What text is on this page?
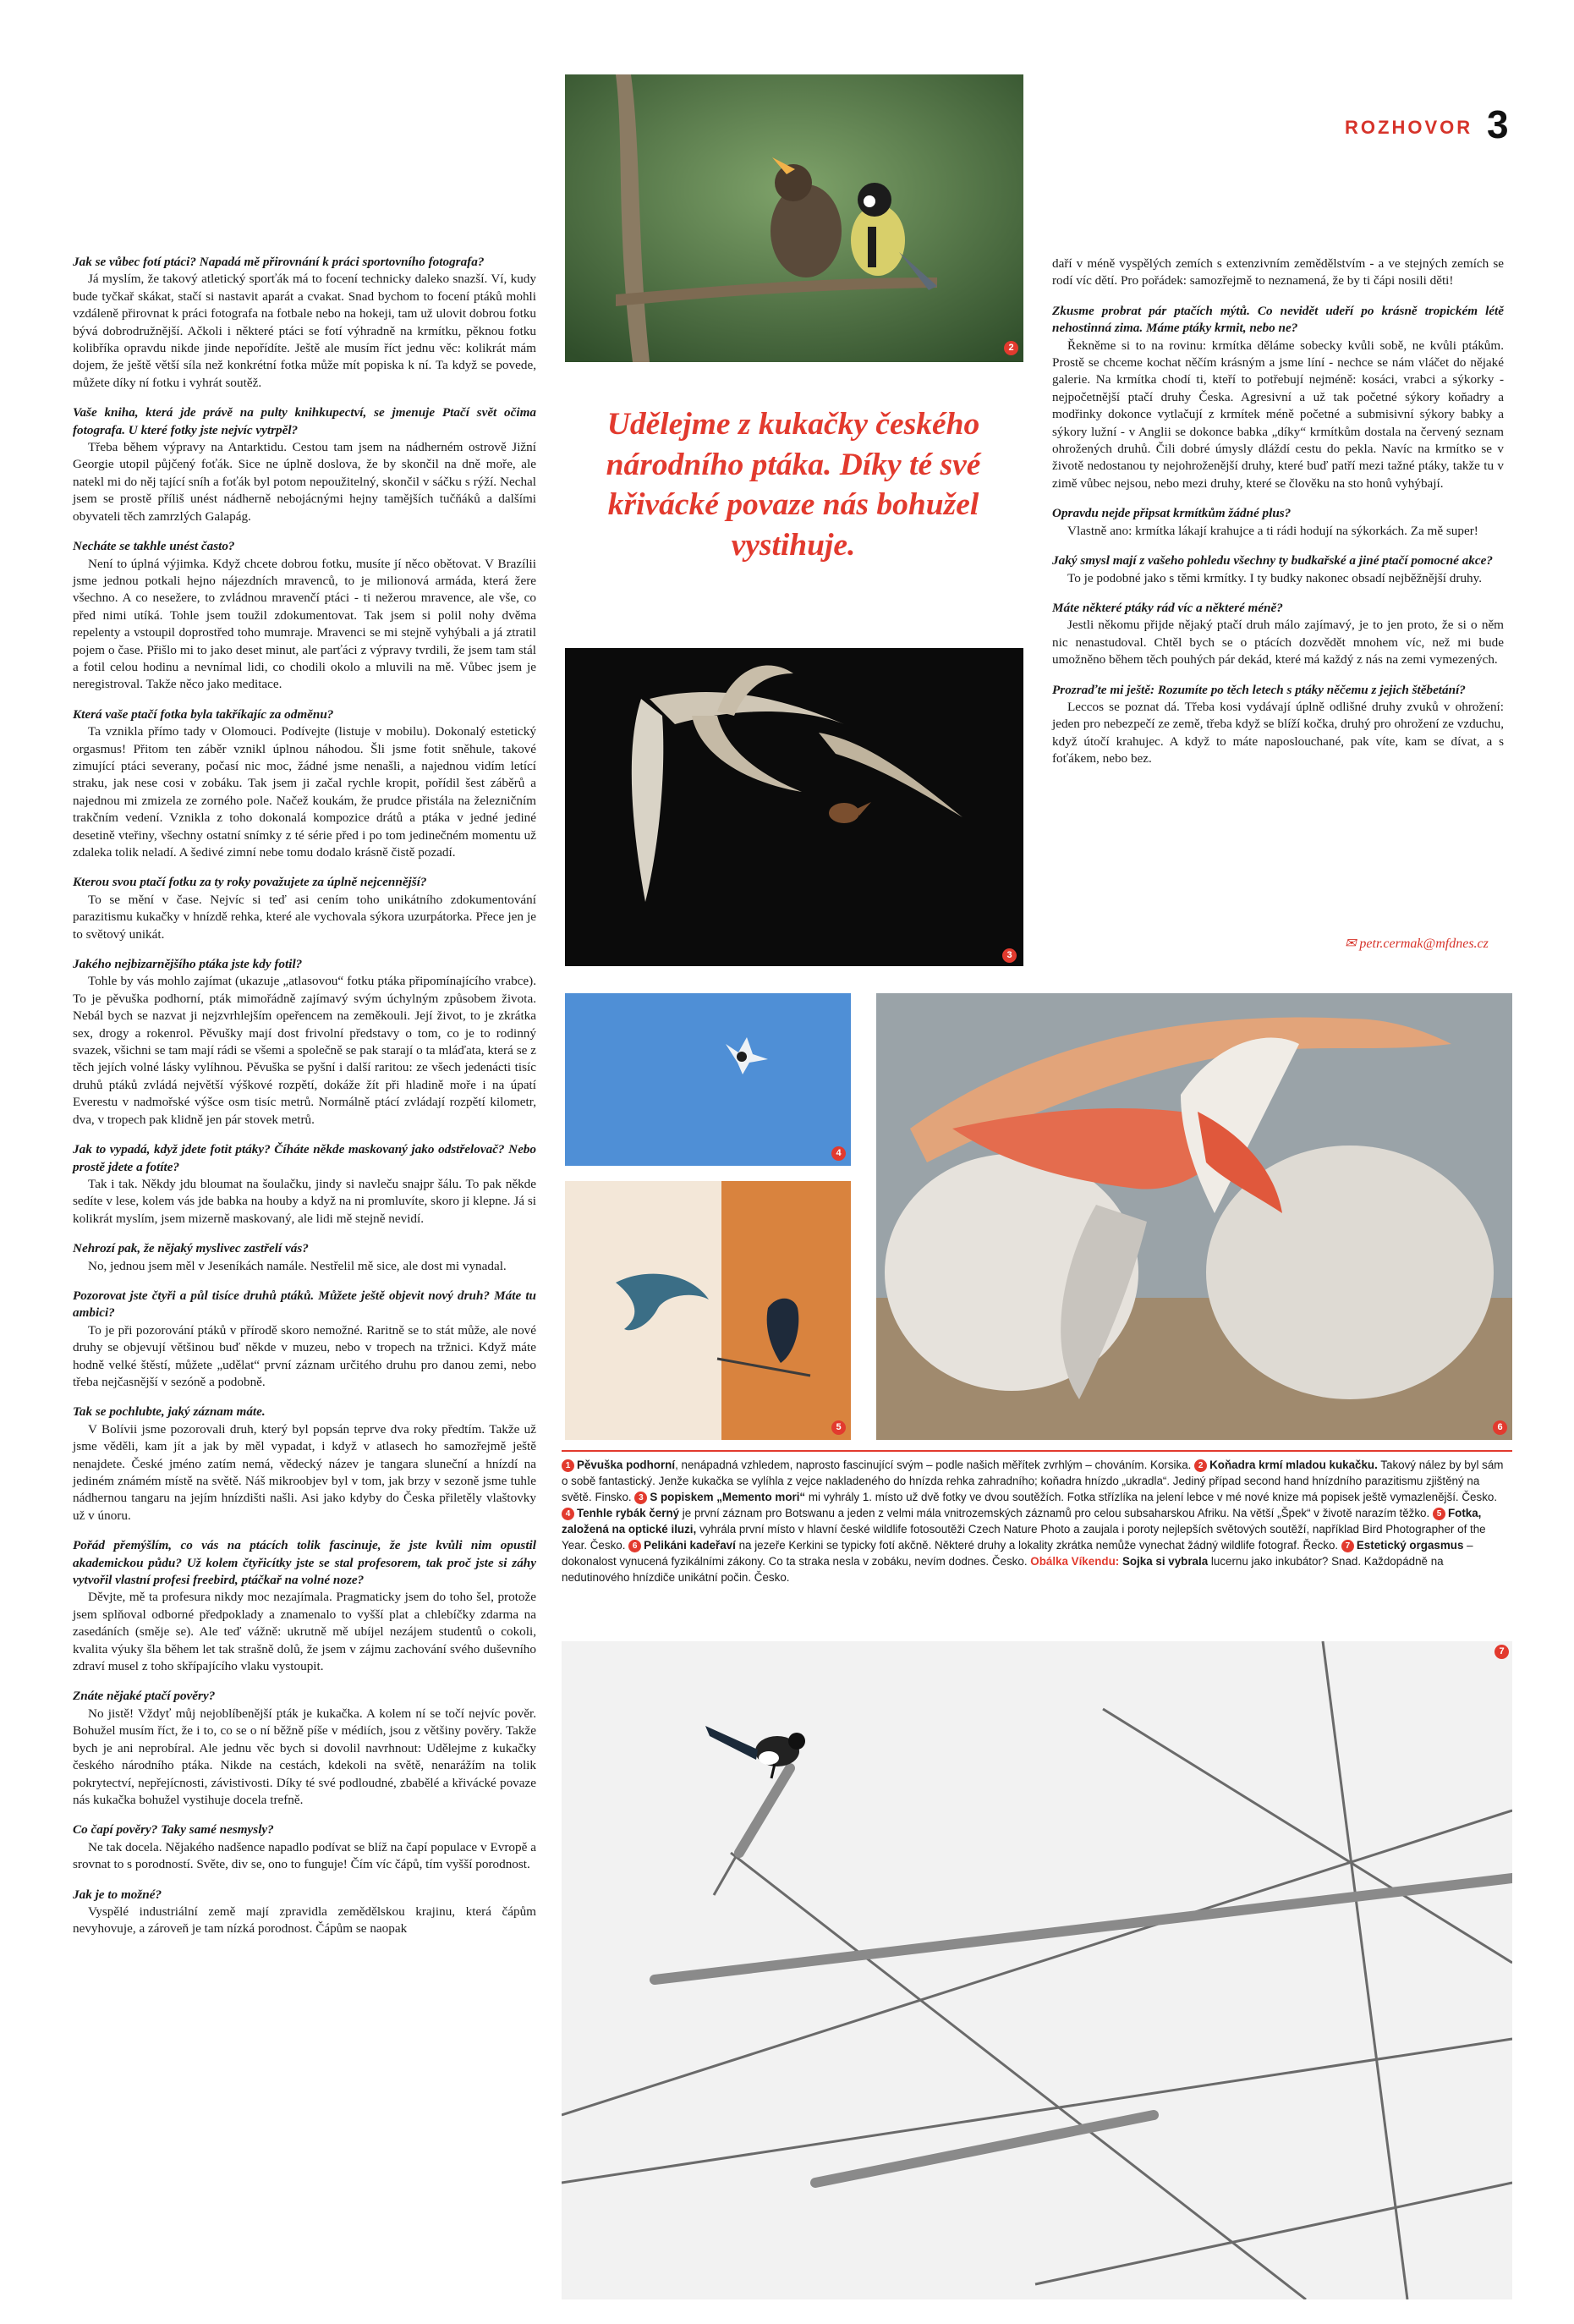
ROZHOVOR 3
2
Udělejme z kukačky českého národního ptáka. Díky té své křivácké povaze nás bohužel vystihuje.
3
4
5	6

daří v méně vyspělých zemích s extenzivním zemědělstvím - a ve stejných zemích se rodí víc dětí. Pro pořádek: samozřejmě to neznamená, že by ti čápi nosili děti!

Zkusme probrat pár ptačích mýtů. Co nevidět udeří po krásně tropickém létě nehostinná zima. Máme ptáky krmit, nebo ne?

Řekněme si to na rovinu: krmítka děláme sobecky kvůli sobě, ne kvůli ptákům. Prostě se chceme kochat něčím krásným a jsme líní - nechce se nám vláčet do nějaké galerie. Na krmítka chodí ti, kteří to potřebují nejméně: kosáci, vrabci a sýkorky - nejpočetnější ptačí druhy Česka. Agresivní a už tak početné sýkory koňadry a modřinky dokonce vytlačují z krmítek méně početné a submisivní sýkory babky a sýkory lužní - v Anglii se dokonce babka „díky“ krmítkům dostala na červený seznam ohrožených druhů. Čili dobré úmysly dláždí cestu do pekla. Navíc na krmítko se v životě nedostanou ty nejohroženější druhy, které buď patří mezi tažné ptáky, takže tu v zimě vůbec nejsou, nebo mezi druhy, které se člověku na sto honů vyhýbají.

Opravdu nejde připsat krmítkům žádné plus?

Vlastně ano: krmítka lákají krahujce a ti rádi hodují na sýkorkách. Za mě super!

Jaký smysl mají z vašeho pohledu všechny ty budkařské a jiné ptačí pomocné akce?

To je podobné jako s těmi krmítky. I ty budky nakonec obsadí nejběžnější druhy.

Máte některé ptáky rád víc a některé méně?

Jestli někomu přijde nějaký ptačí druh málo zajímavý, je to jen proto, že si o něm nic nenastudoval. Chtěl bych se o ptácích dozvědět mnohem víc, než mi bude umožněno během těch pouhých pár dekád, které má každý z nás na zemi vymezených.

Prozraďte mi ještě: Rozumíte po těch letech s ptáky něčemu z jejich štěbetání?

Leccos se poznat dá. Třeba kosi vydávají úplně odlišné druhy zvuků v ohrožení: jeden pro nebezpečí ze země, třeba když se blíží kočka, druhý pro ohrožení ze vzduchu, když útočí krahujec. A když to máte naposlouchané, pak víte, kam se dívat, a s foťákem, nebo bez.

✉ petr.cermak@mfdnes.cz

Jak se vůbec fotí ptáci? Napadá mě přirovnání k práci sportovního fotografa?

Já myslím, že takový atletický sporťák má to focení technicky daleko snazší. Ví, kudy bude tyčkař skákat, stačí si nastavit aparát a cvakat. Snad bychom to focení ptáků mohli vzdáleně přirovnat k práci fotografa na fotbale nebo na hokeji, tam už ulovit dobrou fotku bývá dobrodružnější. Ačkoli i některé ptáci se fotí výhradně na krmítku, pěknou fotku kolibříka opravdu nikde jinde nepořídíte. Ještě ale musím říct jednu věc: kolikrát mám dojem, že ještě větší síla než konkrétní fotka může mít popiska k ní. Ta když se povede, můžete díky ní fotku i vyhrát soutěž.

Vaše kniha, která jde právě na pulty knihkupectví, se jmenuje Ptačí svět očima fotografa. U které fotky jste nejvíc vytrpěl?

Třeba během výpravy na Antarktidu. Cestou tam jsem na nádherném ostrově Jižní Georgie utopil půjčený foťák. Sice ne úplně doslova, že by skončil na dně moře, ale natekl mi do něj tající sníh a foťák byl potom nepoužitelný, skončil v sáčku s rýží. Nechal jsem se prostě příliš unést nádherně nebojácnými hejny tamějších tučňáků a dalšími obyvateli těch zamrzlých Galapág.

Necháte se takhle unést často?

Není to úplná výjimka. Když chcete dobrou fotku, musíte jí něco obětovat. V Brazílii jsme jednou potkali hejno nájezdních mravenců, to je milionová armáda, která žere všechno. A co nesežere, to zvládnou mravenčí ptáci - ti nežerou mravence, ale vše, co před nimi utíká. Tohle jsem toužil zdokumentovat. Tak jsem si polil nohy dvěma repelenty a vstoupil doprostřed toho mumraje. Mravenci se mi stejně vyhýbali a já ztratil pojem o čase. Přišlo mi to jako deset minut, ale parťáci z výpravy tvrdili, že jsem tam stál a fotil celou hodinu a nevnímal lidi, co chodili okolo a mluvili na mě. Vůbec jsem je neregistroval. Takže něco jako meditace.

Která vaše ptačí fotka byla takříkajíc za odměnu?

Ta vznikla přímo tady v Olomouci. Podívejte (listuje v mobilu). Dokonalý estetický orgasmus! Přitom ten záběr vznikl úplnou náhodou. Šli jsme fotit sněhule, takové zimující ptáci severany, počasí nic moc, žádné jsme nenašli, a najednou vidím letící straku, jak nese cosi v zobáku. Tak jsem ji začal rychle kropit, pořídil šest záběrů a najednou mi zmizela ze zorného pole. Načež koukám, že prudce přistála na železničním trakčním vedení. Vznikla z toho dokonalá kompozice drátů a ptáka v jedné jediné desetině vteřiny, všechny ostatní snímky z té série před i po tom jedinečném momentu už zdaleka tolik neladí. A šedivé zimní nebe tomu dodalo krásně čistě pozadí.

Kterou svou ptačí fotku za ty roky považujete za úplně nejcennější?

To se mění v čase. Nejvíc si teď asi cením toho unikátního zdokumentování parazitismu kukačky v hnízdě rehka, které ale vychovala sýkora uzurpátorka. Přece jen je to světový unikát.

Jakého nejbizarnějšího ptáka jste kdy fotil?

Tohle by vás mohlo zajímat (ukazuje „atlasovou“ fotku ptáka připomínajícího vrabce). To je pěvuška podhorní, pták mimořádně zajímavý svým úchylným způsobem života. Nebál bych se nazvat ji nejzvrhlejším opeřencem na zeměkouli. Její život, to je zkrátka sex, drogy a rokenrol. Pěvušky mají dost frivolní představy o tom, co je to rodinný svazek, všichni se tam mají rádi se všemi a společně se pak starají o ta mláďata, která se z těch jejích volné lásky vylíhnou. Pěvuška se pyšní i další raritou: ze všech jedenácti tisíc druhů ptáků zvládá největší výškové rozpětí, dokáže žít při hladině moře i na úpatí Everestu v nadmořské výšce osm tisíc metrů. Normálně ptácí zvládají rozpětí kilometr, dva, v tropech pak klidně jen pár stovek metrů.

Jak to vypadá, když jdete fotit ptáky? Číháte někde maskovaný jako odstřelovač? Nebo prostě jdete a fotíte?

Tak i tak. Někdy jdu bloumat na šoulačku, jindy si navleču snajpr šálu. To pak někde sedíte v lese, kolem vás jde babka na houby a když na ni promluvíte, skoro ji klepne. Já si kolikrát myslím, jsem mizerně maskovaný, ale lidi mě stejně nevidí.

Nehrozí pak, že nějaký myslivec zastřelí vás?

No, jednou jsem měl v Jeseníkách namále. Nestřelil mě sice, ale dost mi vynadal.

Pozorovat jste čtyři a půl tisíce druhů ptáků. Můžete ještě objevit nový druh? Máte tu ambici?

To je při pozorování ptáků v přírodě skoro nemožné. Raritně se to stát může, ale nové druhy se objevují většinou buď někde v muzeu, nebo v tropech na tržnici. Když máte hodně velké štěstí, můžete „udělat“ první záznam určitého druhu pro danou zemi, nebo třeba nejčasnější v sezóně a podobně.

Tak se pochlubte, jaký záznam máte.

V Bolívii jsme pozorovali druh, který byl popsán teprve dva roky předtím. Takže už jsme věděli, kam jít a jak by měl vypadat, i když v atlasech ho samozřejmě ještě nenajdete. České jméno zatím nemá, vědecký název je tangara sluneční a hnízdí na jediném známém místě na světě. Náš mikroobjev byl v tom, jak brzy v sezoně jsme tuhle nádhernou tangaru na jejím hnízdišti našli. Asi jako kdyby do Česka přiletěly vlaštovky už v únoru.

Pořád přemýšlím, co vás na ptácích tolik fascinuje, že jste kvůli nim opustil akademickou půdu? Už kolem čtyřicítky jste se stal profesorem, tak proč jste si záhy vytvořil vlastní profesi freebird, ptáčkař na volné noze?

Děvjte, mě ta profesura nikdy moc nezajímala. Pragmaticky jsem do toho šel, protože jsem splňoval odborné předpoklady a znamenalo to vyšší plat a chlebíčky zdarma na zasedáních (směje se). Ale teď vážně: ukrutně mě ubíjel nezájem studentů o cokoli, kvalita výuky šla během let tak strašně dolů, že jsem v zájmu zachování svého duševního zdraví musel z toho skřípajícího vlaku vystoupit.

Znáte nějaké ptačí pověry?

No jistě! Vždyť můj nejoblíbenější pták je kukačka. A kolem ní se točí nejvíc pověr. Bohužel musím říct, že i to, co se o ní běžně píše v médiích, jsou z většiny pověry. Takže bych je ani neprobíral. Ale jednu věc bych si dovolil navrhnout: Udělejme z kukačky českého národního ptáka. Nikde na cestách, kdekoli na světě, nenarážím na tolik pokrytectví, nepřejícnosti, závistivosti. Díky té své podloudné, zbabělé a křivácké povaze nás kukačka bohužel vystihuje docela trefně.

Co čapí pověry? Taky samé nesmysly?

Ne tak docela. Nějakého nadšence napadlo podívat se blíž na čapí populace v Evropě a srovnat to s porodností. Světe, div se, ono to funguje! Čím víc čápů, tím vyšší porodnost.

Jak je to možné?

Vyspělé industriální země mají zpravidla zemědělskou krajinu, která čápům nevyhovuje, a zároveň je tam nízká porodnost. Čápům se naopak

1 Pěvuška podhorní, nenápadná vzhledem, naprosto fascinující svým – podle našich měřítek zvrhlým – chováním. Korsika. 2 Koňadra krmí mladou kukačku. Takový nález by byl sám o sobě fantastický. Jenže kukačka se vylíhla z vejce nakladeného do hnízda rehka zahradního; koňadra hnízdo „ukradla“. Jediný případ second hand hnízdního parazitismu zjištěný na světě. Finsko. 3 S popiskem „Memento mori“ mi vyhrály 1. místo už dvě fotky ve dvou soutěžích. Fotka střízlíka na jelení lebce v mé nové knize má popisek ještě vymazlenější. Česko. 4 Tenhle rybák černý je první záznam pro Botswanu a jeden z velmi mála vnitrozemských záznamů pro celou subsaharskou Afriku. Na větší „Špek“ v životě narazím těžko. 5 Fotka, založená na optické iluzi, vyhrála první místo v hlavní české wildlife fotosoutěži Czech Nature Photo a zaujala i poroty nejlepších světových soutěží, například Bird Photographer of the Year. Česko. 6 Pelikáni kadeřaví na jezeře Kerkini se typicky fotí akčně. Některé druhy a lokality zkrátka nemůže vynechat žádný wildlife fotograf. Řecko. 7 Estetický orgasmus – dokonalost vynucená fyzikálními zákony. Co ta straka nesla v zobáku, nevím dodnes. Česko. Obálka Víkendu: Sojka si vybrala lucernu jako inkubátor? Snad. Každopádně na nedutinového hnízdiče unikátní počin. Česko.
7
